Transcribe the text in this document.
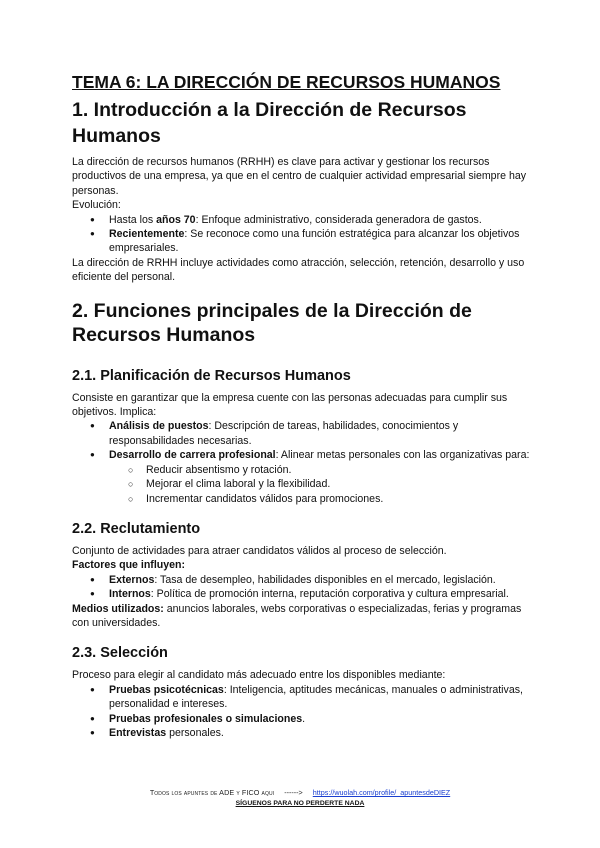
TEMA 6: LA DIRECCIÓN DE RECURSOS HUMANOS
1. Introducción a la Dirección de Recursos Humanos

La dirección de recursos humanos (RRHH) es clave para activar y gestionar los recursos productivos de una empresa, ya que en el centro de cualquier actividad empresarial siempre hay personas.

Evolución:

● Hasta los años 70: Enfoque administrativo, considerada generadora de gastos.
● Recientemente: Se reconoce como una función estratégica para alcanzar los objetivos empresariales.

La dirección de RRHH incluye actividades como atracción, selección, retención, desarrollo y uso eficiente del personal.

2. Funciones principales de la Dirección de Recursos Humanos
2.1. Planificación de Recursos Humanos

Consiste en garantizar que la empresa cuente con las personas adecuadas para cumplir sus objetivos. Implica:

● Análisis de puestos: Descripción de tareas, habilidades, conocimientos y responsabilidades necesarias.
● Desarrollo de carrera profesional: Alinear metas personales con las organizativas para:
○ Reducir absentismo y rotación.
○ Mejorar el clima laboral y la flexibilidad.
○ Incrementar candidatos válidos para promociones.
2.2. Reclutamiento

Conjunto de actividades para atraer candidatos válidos al proceso de selección.

Factores que influyen:

● Externos: Tasa de desempleo, habilidades disponibles en el mercado, legislación.
● Internos: Política de promoción interna, reputación corporativa y cultura empresarial.

Medios utilizados: anuncios laborales, webs corporativas o especializadas, ferias y programas con universidades.

2.3. Selección

Proceso para elegir al candidato más adecuado entre los disponibles mediante:

● Pruebas psicotécnicas: Inteligencia, aptitudes mecánicas, manuales o administrativas, personalidad e intereses.
● Pruebas profesionales o simulaciones.
● Entrevistas personales.
Todos los apuntes de ADE y FICO aqui ------> https://wuolah.com/profile/_apuntesdeDIEZ
SÍGUENOS PARA NO PERDERTE NADA
